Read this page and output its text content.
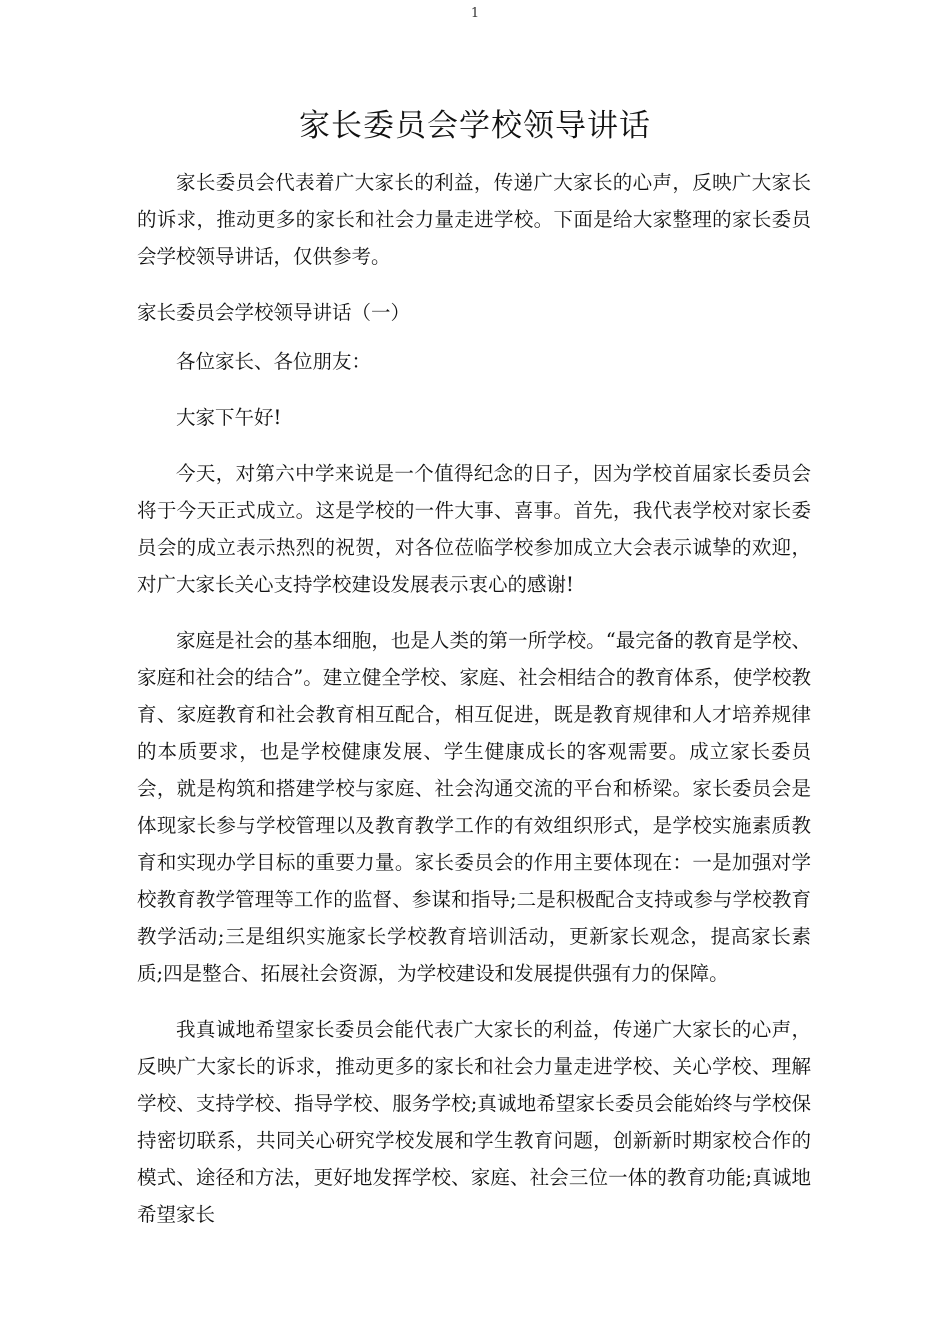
1
家长委员会学校领导讲话

家长委员会代表着广大家长的利益，传递广大家长的心声，反映广大家长的诉求，推动更多的家长和社会力量走进学校。下面是给大家整理的家长委员会学校领导讲话，仅供参考。

家长委员会学校领导讲话（一）

各位家长、各位朋友：

大家下午好!

今天，对第六中学来说是一个值得纪念的日子，因为学校首届家长委员会将于今天正式成立。这是学校的一件大事、喜事。首先，我代表学校对家长委员会的成立表示热烈的祝贺，对各位莅临学校参加成立大会表示诚挚的欢迎，对广大家长关心支持学校建设发展表示衷心的感谢!

家庭是社会的基本细胞，也是人类的第一所学校。“最完备的教育是学校、家庭和社会的结合”。建立健全学校、家庭、社会相结合的教育体系，使学校教育、家庭教育和社会教育相互配合，相互促进，既是教育规律和人才培养规律的本质要求，也是学校健康发展、学生健康成长的客观需要。成立家长委员会，就是构筑和搭建学校与家庭、社会沟通交流的平台和桥梁。家长委员会是体现家长参与学校管理以及教育教学工作的有效组织形式，是学校实施素质教育和实现办学目标的重要力量。家长委员会的作用主要体现在：一是加强对学校教育教学管理等工作的监督、参谋和指导;二是积极配合支持或参与学校教育教学活动;三是组织实施家长学校教育培训活动，更新家长观念，提高家长素质;四是整合、拓展社会资源，为学校建设和发展提供强有力的保障。

我真诚地希望家长委员会能代表广大家长的利益，传递广大家长的心声，反映广大家长的诉求，推动更多的家长和社会力量走进学校、关心学校、理解学校、支持学校、指导学校、服务学校;真诚地希望家长委员会能始终与学校保持密切联系，共同关心研究学校发展和学生教育问题，创新新时期家校合作的模式、途径和方法，更好地发挥学校、家庭、社会三位一体的教育功能;真诚地希望家长
